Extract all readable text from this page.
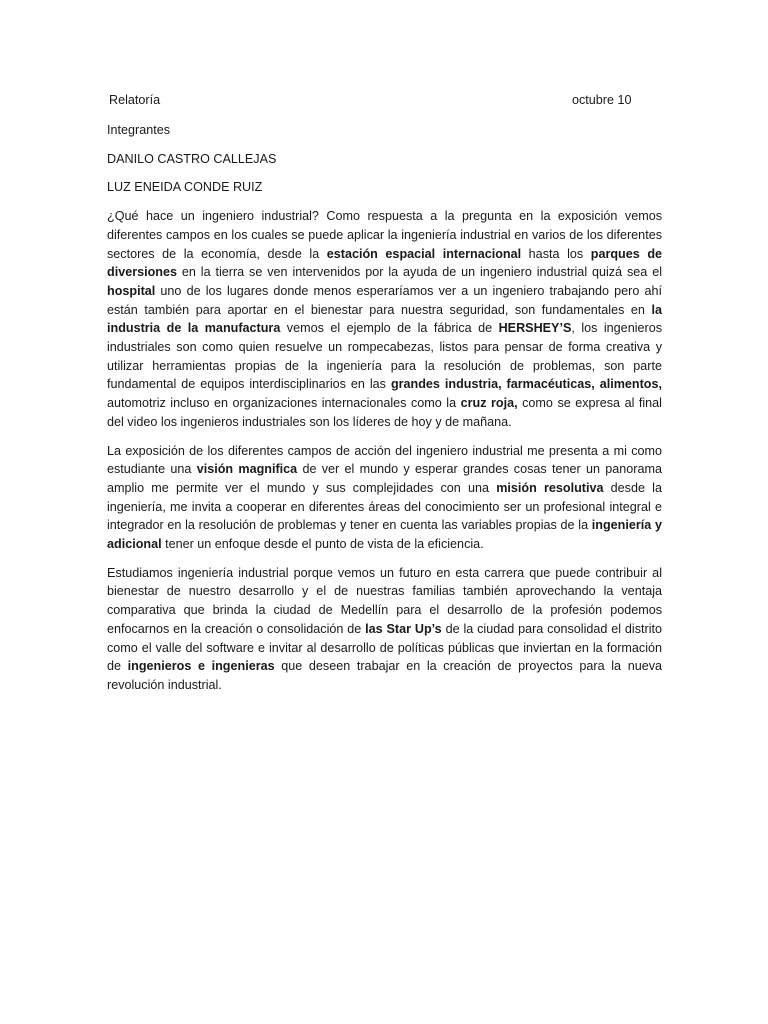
Relatoría	octubre 10
Integrantes
DANILO CASTRO CALLEJAS
LUZ ENEIDA CONDE RUIZ

¿Qué hace un ingeniero industrial? Como respuesta a la pregunta en la exposición vemos diferentes campos en los cuales se puede aplicar la ingeniería industrial en varios de los diferentes sectores de la economía, desde la estación espacial internacional hasta los parques de diversiones en la tierra se ven intervenidos por la ayuda de un ingeniero industrial quizá sea el hospital uno de los lugares donde menos esperaríamos ver a un ingeniero trabajando pero ahí están también para aportar en el bienestar para nuestra seguridad, son fundamentales en la industria de la manufactura vemos el ejemplo de la fábrica de HERSHEY’S, los ingenieros industriales son como quien resuelve un rompecabezas, listos para pensar de forma creativa y utilizar herramientas propias de la ingeniería para la resolución de problemas, son parte fundamental de equipos interdisciplinarios en las grandes industria, farmacéuticas, alimentos, automotriz incluso en organizaciones internacionales como la cruz roja, como se expresa al final del video los ingenieros industriales son los líderes de hoy y de mañana.

La exposición de los diferentes campos de acción del ingeniero industrial me presenta a mi como estudiante una visión magnifica de ver el mundo y esperar grandes cosas tener un panorama amplio me permite ver el mundo y sus complejidades con una misión resolutiva desde la ingeniería, me invita a cooperar en diferentes áreas del conocimiento ser un profesional integral e integrador en la resolución de problemas y tener en cuenta las variables propias de la ingeniería y adicional tener un enfoque desde el punto de vista de la eficiencia.

Estudiamos ingeniería industrial porque vemos un futuro en esta carrera que puede contribuir al bienestar de nuestro desarrollo y el de nuestras familias también aprovechando la ventaja comparativa que brinda la ciudad de Medellín para el desarrollo de la profesión podemos enfocarnos en la creación o consolidación de las Star Up’s de la ciudad para consolidad el distrito como el valle del software e invitar al desarrollo de políticas públicas que inviertan en la formación de ingenieros e ingenieras que deseen trabajar en la creación de proyectos para la nueva revolución industrial.
